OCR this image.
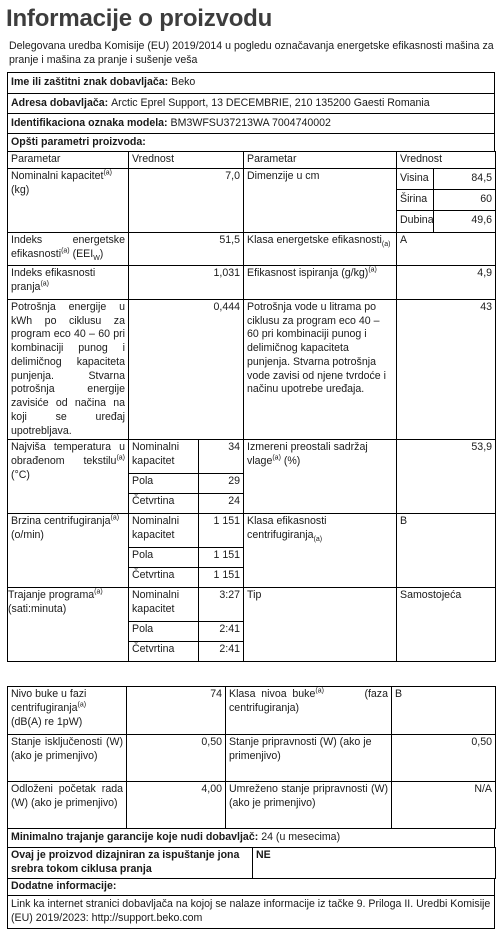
Informacije o proizvodu
Delegovana uredba Komisije (EU) 2019/2014 u pogledu označavanja energetske efikasnosti mašina za pranje i mašina za pranje i sušenje veša
Ime ili zaštitni znak dobavljača:
Beko
Adresa dobavljača:
Arctic Eprel Support, 13 DECEMBRIE, 210 135200 Gaesti Romania
Identifikaciona oznaka modela:
BM3WFSU37213WA 7004740002
Opšti parametri proizvoda:
Parametar	Vrednost		Parametar	Vrednost	
Nominalni kapacitet$^{(a)}$
(kg)	7,0		Dimenzije u cm	Visina	84,5
				Širina	60
				Dubina	49,6
Indeks energetske efikasnosti$^{(a)}$ $(EEI_W)$	51,5		Klasa energetske efikasnosti$_{(a)}$	A	
Indeks efikasnosti pranja$^{(a)}$	1,031		Efikasnost ispiranja $(g/kg)^{(a)}$	4,9	
Potrošnja energije u kWh po ciklusu za program eco 40 – 60 pri kombinaciji punog i delimičnog kapaciteta punjenja. Stvarna potrošnja energije zavisiće od načina na koji se uređaj upotrebljava.	0,444		Potrošnja vode u litrama po ciklusu za program eco 40 – 60 pri kombinaciji punog i delimičnog kapaciteta punjenja. Stvarna potrošnja vode zavisi od njene tvrdoće i načinu upotrebe uređaja.	43	
Najviša temperatura u obrađenom tekstilu$^{(a)}$ (°C)	Nominalni kapacitet	34	Izmereni preostali sadržaj vlage$^{(a)}$ (%)	53,9	
	Pola	29			
	Četvrtina	24			
Brzina centrifugiranja$^{(a)}$
(o/min)	Nominalni kapacitet	1 151	Klasa efikasnosti centrifugiranja$_{(a)}$	B	
	Pola	1 151			
	Četvrtina	1 151			
Trajanje programa$^{(a)}$
(sati:minuta)	Nominalni kapacitet	3:27	Tip	Samostojeća	
	Pola	2:41			
	Četvrtina	2:41			
Nivo buke u fazi centrifugiranja$^{(a)}$
(dB(A) re 1pW)	74	Klasa nivoa buke$^{(a)}$ (faza centrifugiranja)	B
Stanje isključenosti (W) (ako je primenjivo)	0,50	Stanje pripravnosti (W) (ako je primenjivo)	0,50
Odloženi početak rada (W) (ako je primenjivo)	4,00	Umreženo stanje pripravnosti (W) (ako je primenjivo)	N/A
Minimalno trajanje garancije koje nudi dobavljač:
24 (u mesecima)
Ovaj je proizvod dizajniran za ispuštanje jona srebra tokom ciklusa pranja	NE
Dodatne informacije:
Link ka internet stranici dobavljača na kojoj se nalaze informacije iz tačke 9. Priloga II. Uredbi Komisije (EU) 2019/2023: http://support.beko.com
